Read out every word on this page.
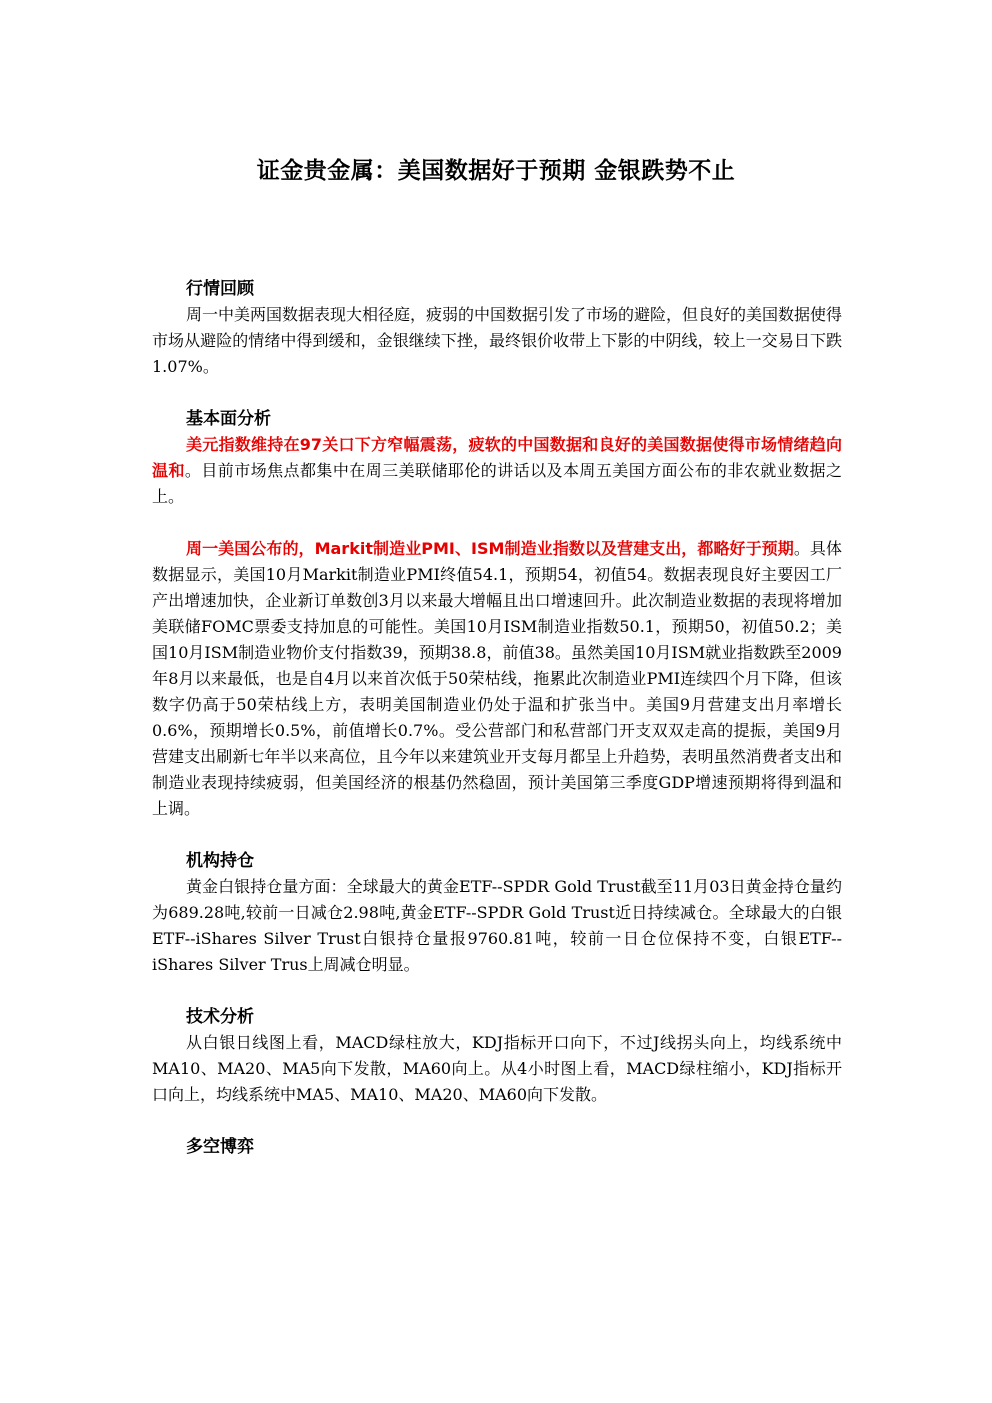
证金贵金属：美国数据好于预期 金银跌势不止
行情回顾

周一中美两国数据表现大相径庭，疲弱的中国数据引发了市场的避险，但良好的美国数据使得市场从避险的情绪中得到缓和，金银继续下挫，最终银价收带上下影的中阴线，较上一交易日下跌1.07%。

基本面分析

美元指数维持在97关口下方窄幅震荡，疲软的中国数据和良好的美国数据使得市场情绪趋向温和。目前市场焦点都集中在周三美联储耶伦的讲话以及本周五美国方面公布的非农就业数据之上。

周一美国公布的，Markit制造业PMI、ISM制造业指数以及营建支出，都略好于预期。具体数据显示，美国10月Markit制造业PMI终值54.1，预期54，初值54。数据表现良好主要因工厂产出增速加快，企业新订单数创3月以来最大增幅且出口增速回升。此次制造业数据的表现将增加美联储FOMC票委支持加息的可能性。美国10月ISM制造业指数50.1，预期50，初值50.2；美国10月ISM制造业物价支付指数39，预期38.8，前值38。虽然美国10月ISM就业指数跌至2009年8月以来最低，也是自4月以来首次低于50荣枯线，拖累此次制造业PMI连续四个月下降，但该数字仍高于50荣枯线上方，表明美国制造业仍处于温和扩张当中。美国9月营建支出月率增长0.6%，预期增长0.5%，前值增长0.7%。受公营部门和私营部门开支双双走高的提振，美国9月营建支出刷新七年半以来高位，且今年以来建筑业开支每月都呈上升趋势，表明虽然消费者支出和制造业表现持续疲弱，但美国经济的根基仍然稳固，预计美国第三季度GDP增速预期将得到温和上调。

机构持仓

黄金白银持仓量方面：全球最大的黄金ETF--SPDR Gold Trust截至11月03日黄金持仓量约为689.28吨,较前一日减仓2.98吨,黄金ETF--SPDR Gold Trust近日持续减仓。全球最大的白银ETF--iShares Silver Trust白银持仓量报9760.81吨，较前一日仓位保持不变，白银ETF--iShares Silver Trus上周减仓明显。

技术分析

从白银日线图上看，MACD绿柱放大，KDJ指标开口向下，不过J线拐头向上，均线系统中MA10、MA20、MA5向下发散，MA60向上。从4小时图上看，MACD绿柱缩小，KDJ指标开口向上，均线系统中MA5、MA10、MA20、MA60向下发散。

多空博弈
